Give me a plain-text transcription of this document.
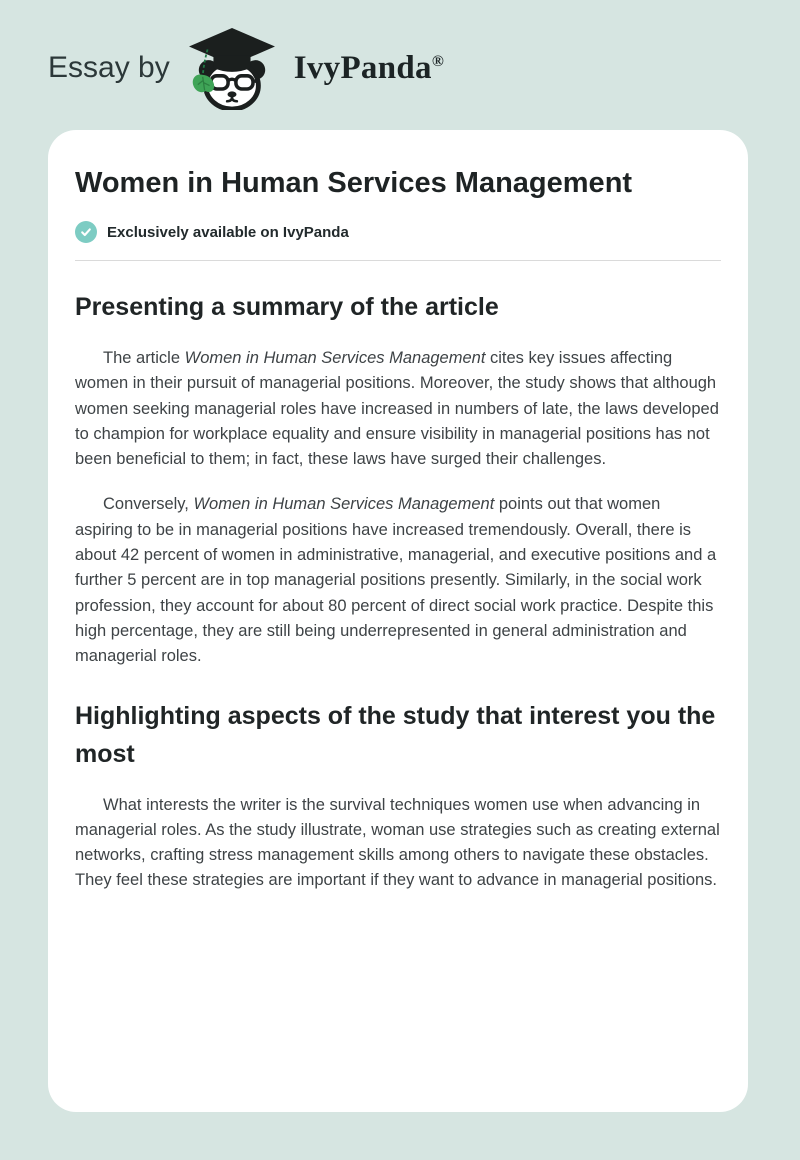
Essay by	IvyPanda®
Women in Human Services Management
Exclusively available on IvyPanda
Presenting a summary of the article

The article Women in Human Services Management cites key issues affecting women in their pursuit of managerial positions. Moreover, the study shows that although women seeking managerial roles have increased in numbers of late, the laws developed to champion for workplace equality and ensure visibility in managerial positions has not been beneficial to them; in fact, these laws have surged their challenges.

Conversely, Women in Human Services Management points out that women aspiring to be in managerial positions have increased tremendously. Overall, there is about 42 percent of women in administrative, managerial, and executive positions and a further 5 percent are in top managerial positions presently. Similarly, in the social work profession, they account for about 80 percent of direct social work practice. Despite this high percentage, they are still being underrepresented in general administration and managerial roles.

Highlighting aspects of the study that interest you the most

What interests the writer is the survival techniques women use when advancing in managerial roles. As the study illustrate, woman use strategies such as creating external networks, crafting stress management skills among others to navigate these obstacles. They feel these strategies are important if they want to advance in managerial positions.
